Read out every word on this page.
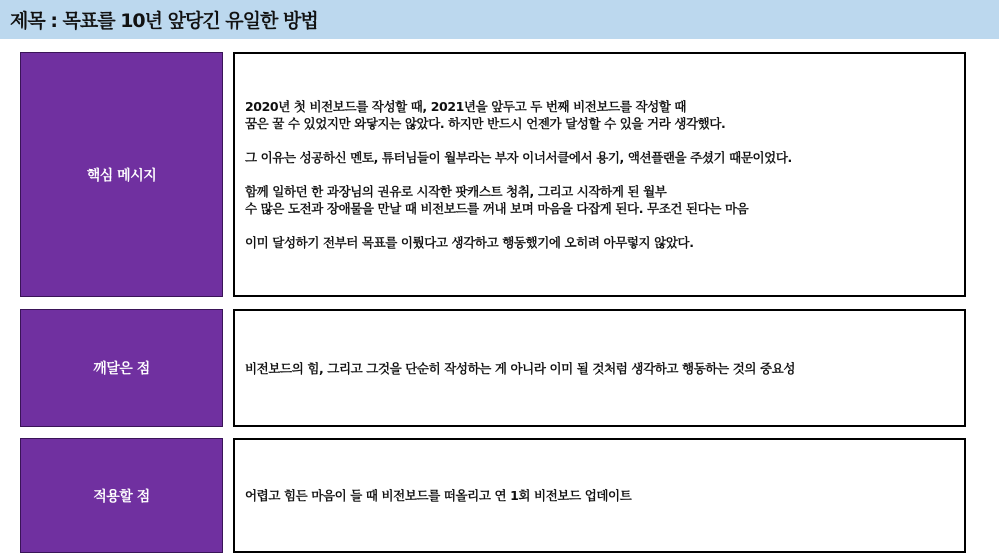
제목 : 목표를 10년 앞당긴 유일한 방법
핵심 메시지

2020년 첫 비전보드를 작성할 때, 2021년을 앞두고 두 번째 비전보드를 작성할 때

꿈은 꿀 수 있었지만 와닿지는 않았다. 하지만 반드시 언젠가 달성할 수 있을 거라 생각했다.

그 이유는 성공하신 멘토, 튜터님들이 월부라는 부자 이너서클에서 용기, 액션플랜을 주셨기 때문이었다.

함께 일하던 한 과장님의 권유로 시작한 팟캐스트 청취, 그리고 시작하게 된 월부

수 많은 도전과 장애물을 만날 때 비전보드를 꺼내 보며 마음을 다잡게 된다. 무조건 된다는 마음

이미 달성하기 전부터 목표를 이뤘다고 생각하고 행동했기에 오히려 아무렇지 않았다.

깨달은 점	비전보드의 힘, 그리고 그것을 단순히 작성하는 게 아니라 이미 될 것처럼 생각하고 행동하는 것의 중요성

적용할 점	어렵고 힘든 마음이 들 때 비전보드를 떠올리고 연 1회 비전보드 업데이트
